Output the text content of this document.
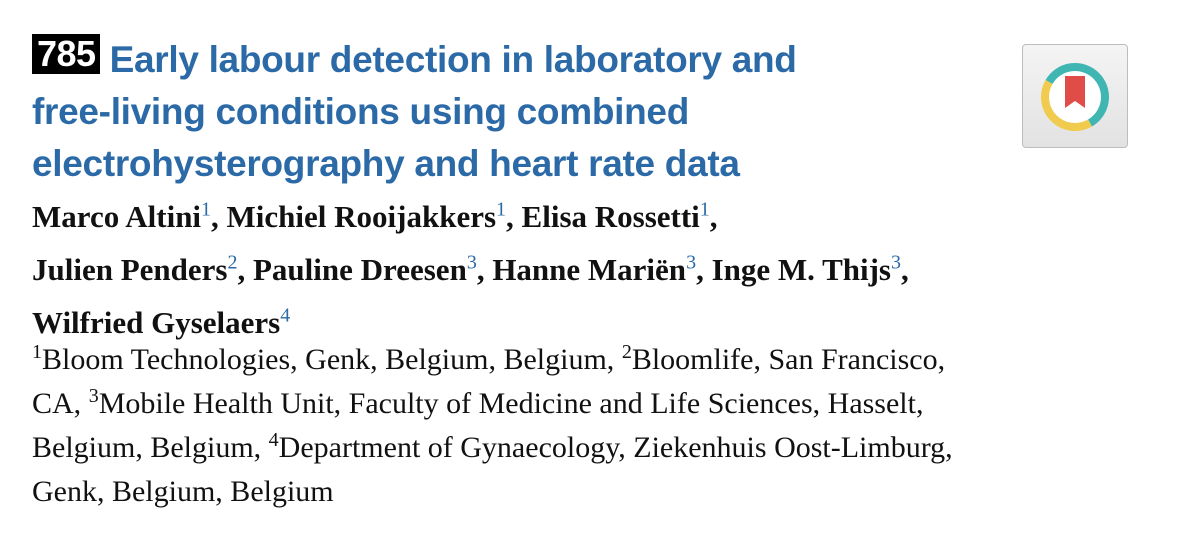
785 Early labour detection in laboratory and
free-living conditions using combined
electrohysterography and heart rate data

Marco Altini$^1$, Michiel Rooijakkers$^1$, Elisa Rossetti$^1$,
Julien Penders$^2$, Pauline Dreesen$^3$, Hanne Mariën$^3$, Inge M. Thijs$^3$,
Wilfried Gyselaers$^4$

$^1$Bloom Technologies, Genk, Belgium, Belgium, $^2$Bloomlife, San Francisco,
CA, $^3$Mobile Health Unit, Faculty of Medicine and Life Sciences, Hasselt,
Belgium, Belgium, $^4$Department of Gynaecology, Ziekenhuis Oost-Limburg,
Genk, Belgium, Belgium
